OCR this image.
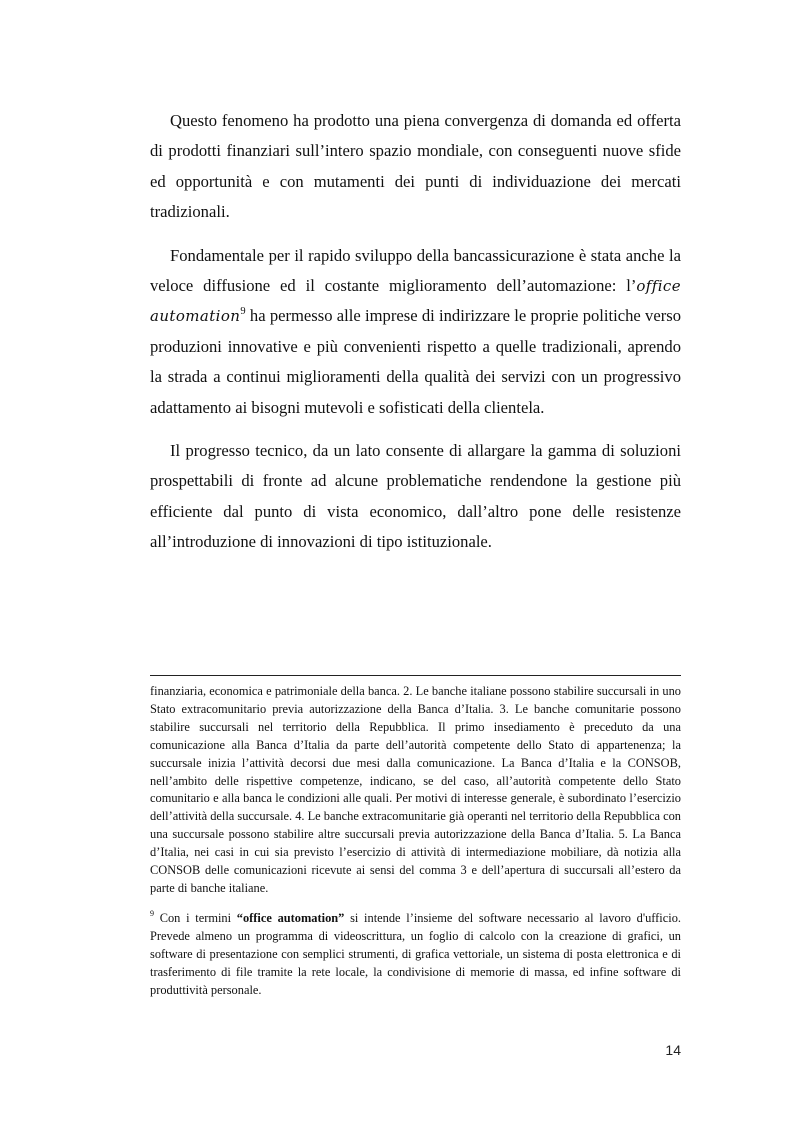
Questo fenomeno ha prodotto una piena convergenza di domanda ed offerta di prodotti finanziari sull’intero spazio mondiale, con conseguenti nuove sfide ed opportunità e con mutamenti dei punti di individuazione dei mercati tradizionali.

Fondamentale per il rapido sviluppo della bancassicurazione è stata anche la veloce diffusione ed il costante miglioramento dell’automazione: l’office automation$^9$ ha permesso alle imprese di indirizzare le proprie politiche verso produzioni innovative e più convenienti rispetto a quelle tradizionali, aprendo la strada a continui miglioramenti della qualità dei servizi con un progressivo adattamento ai bisogni mutevoli e sofisticati della clientela.

Il progresso tecnico, da un lato consente di allargare la gamma di soluzioni prospettabili di fronte ad alcune problematiche rendendone la gestione più efficiente dal punto di vista economico, dall’altro pone delle resistenze all’introduzione di innovazioni di tipo istituzionale.

finanziaria, economica e patrimoniale della banca. 2. Le banche italiane possono stabilire succursali in uno Stato extracomunitario previa autorizzazione della Banca d’Italia. 3. Le banche comunitarie possono stabilire succursali nel territorio della Repubblica. Il primo insediamento è preceduto da una comunicazione alla Banca d’Italia da parte dell’autorità competente dello Stato di appartenenza; la succursale inizia l’attività decorsi due mesi dalla comunicazione. La Banca d’Italia e la CONSOB, nell’ambito delle rispettive competenze, indicano, se del caso, all’autorità competente dello Stato comunitario e alla banca le condizioni alle quali. Per motivi di interesse generale, è subordinato l’esercizio dell’attività della succursale. 4. Le banche extracomunitarie già operanti nel territorio della Repubblica con una succursale possono stabilire altre succursali previa autorizzazione della Banca d’Italia. 5. La Banca d’Italia, nei casi in cui sia previsto l’esercizio di attività di intermediazione mobiliare, dà notizia alla CONSOB delle comunicazioni ricevute ai sensi del comma 3 e dell’apertura di succursali all’estero da parte di banche italiane.

$^9$ Con i termini “office automation” si intende l’insieme del software necessario al lavoro d'ufficio. Prevede almeno un programma di videoscrittura, un foglio di calcolo con la creazione di grafici, un software di presentazione con semplici strumenti, di grafica vettoriale, un sistema di posta elettronica e di trasferimento di file tramite la rete locale, la condivisione di memorie di massa, ed infine software di produttività personale.

14
